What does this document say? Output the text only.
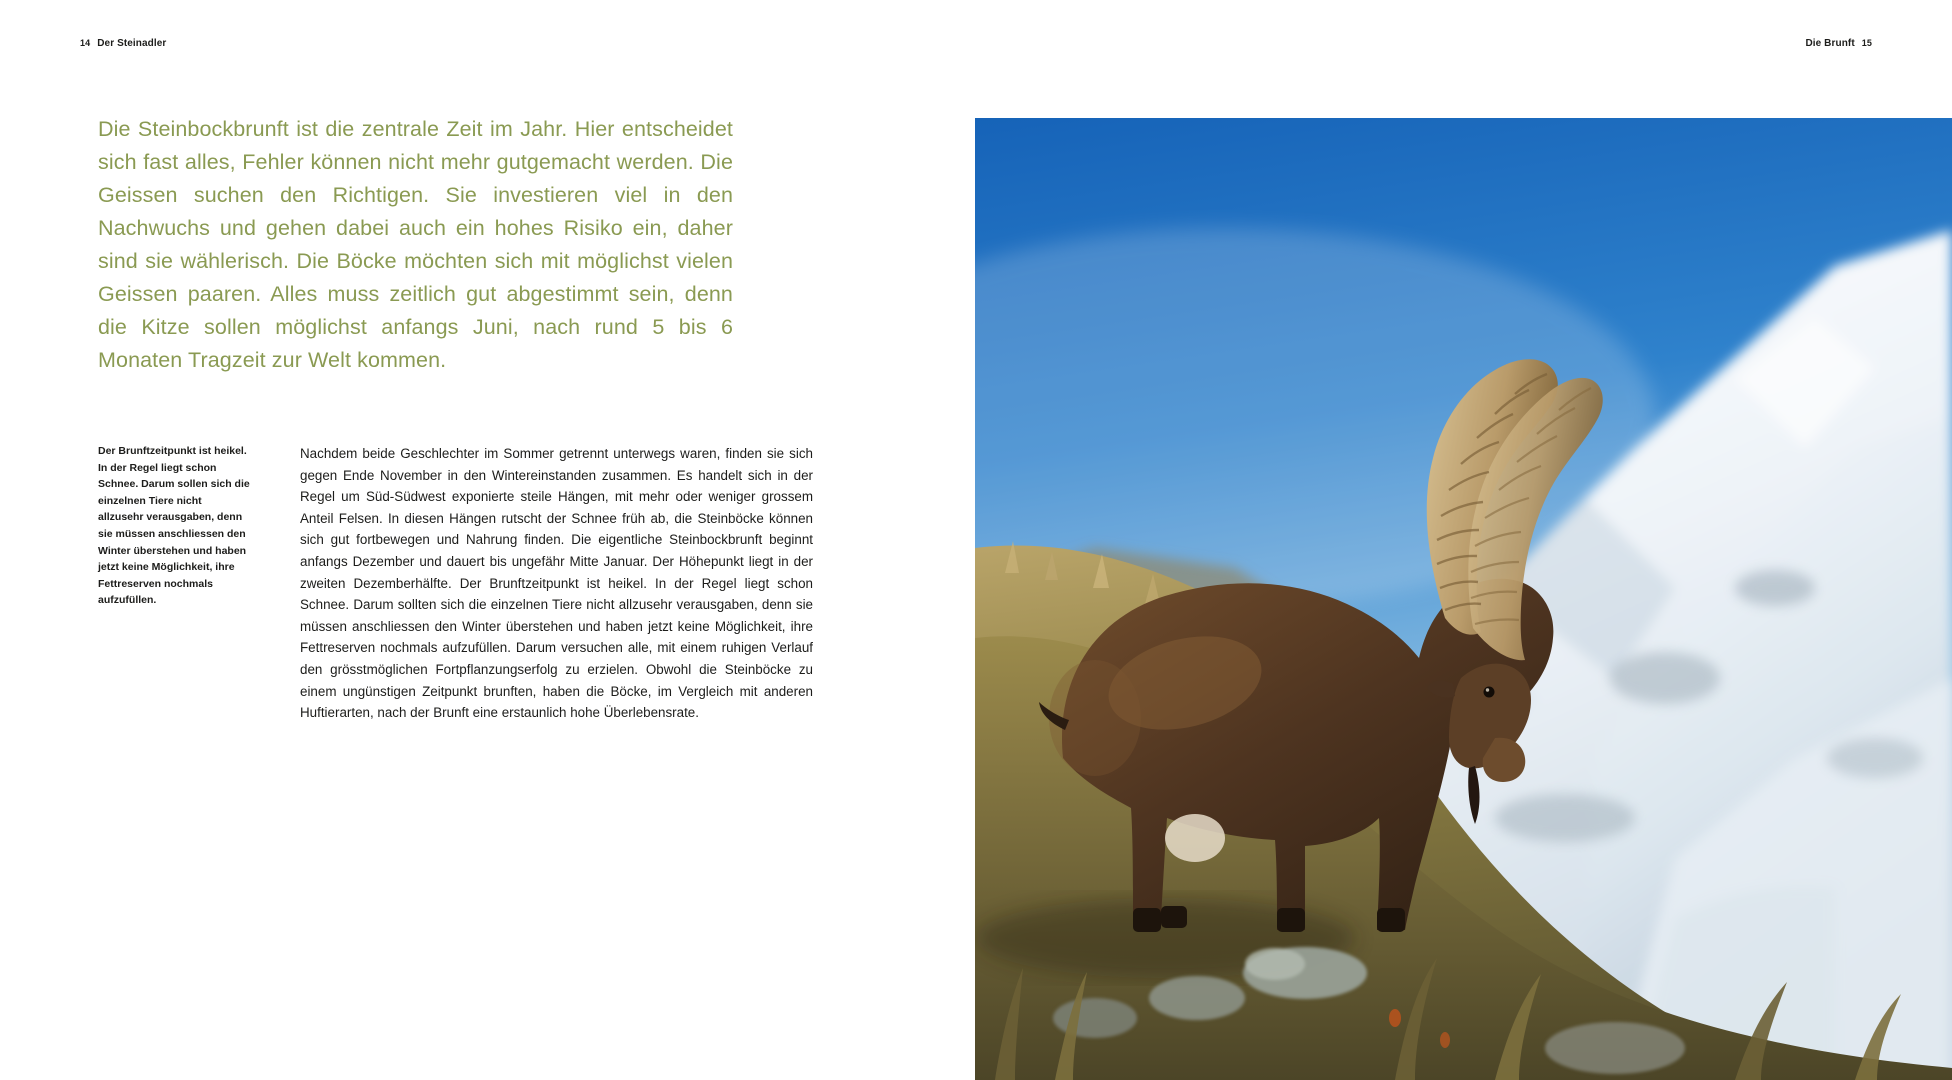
14 Der Steinadler	Die Brunft 15
Die Steinbockbrunft ist die zentrale Zeit im Jahr. Hier entscheidet sich fast alles, Fehler können nicht mehr gutgemacht werden. Die Geissen suchen den Richtigen. Sie investieren viel in den Nachwuchs und gehen dabei auch ein hohes Risiko ein, daher sind sie wählerisch. Die Böcke möchten sich mit möglichst vielen Geissen paaren. Alles muss zeitlich gut abgestimmt sein, denn die Kitze sollen möglichst anfangs Juni, nach rund 5 bis 6 Monaten Tragzeit zur Welt kommen.
Der Brunftzeitpunkt ist heikel. In der Regel liegt schon Schnee. Darum sollen sich die einzelnen Tiere nicht allzusehr verausgaben, denn sie müssen anschliessen den Winter überstehen und haben jetzt keine Möglichkeit, ihre Fettreserven nochmals aufzufüllen.
Nachdem beide Geschlechter im Sommer getrennt unterwegs waren, finden sie sich gegen Ende November in den Wintereinstanden zusammen. Es handelt sich in der Regel um Süd-Südwest exponierte steile Hängen, mit mehr oder weniger grossem Anteil Felsen. In diesen Hängen rutscht der Schnee früh ab, die Steinböcke können sich gut fortbewegen und Nahrung finden. Die eigentliche Steinbockbrunft beginnt anfangs Dezember und dauert bis ungefähr Mitte Januar. Der Höhepunkt liegt in der zweiten Dezemberhälfte. Der Brunftzeitpunkt ist heikel. In der Regel liegt schon Schnee. Darum sollten sich die einzelnen Tiere nicht allzusehr verausgaben, denn sie müssen anschliessen den Winter überstehen und haben jetzt keine Möglichkeit, ihre Fettreserven nochmals aufzufüllen. Darum versuchen alle, mit einem ruhigen Verlauf den grösstmöglichen Fortpflanzungserfolg zu erzielen. Obwohl die Steinböcke zu einem ungünstigen Zeitpunkt brunften, haben die Böcke, im Vergleich mit anderen Huftierarten, nach der Brunft eine erstaunlich hohe Überlebensrate.
